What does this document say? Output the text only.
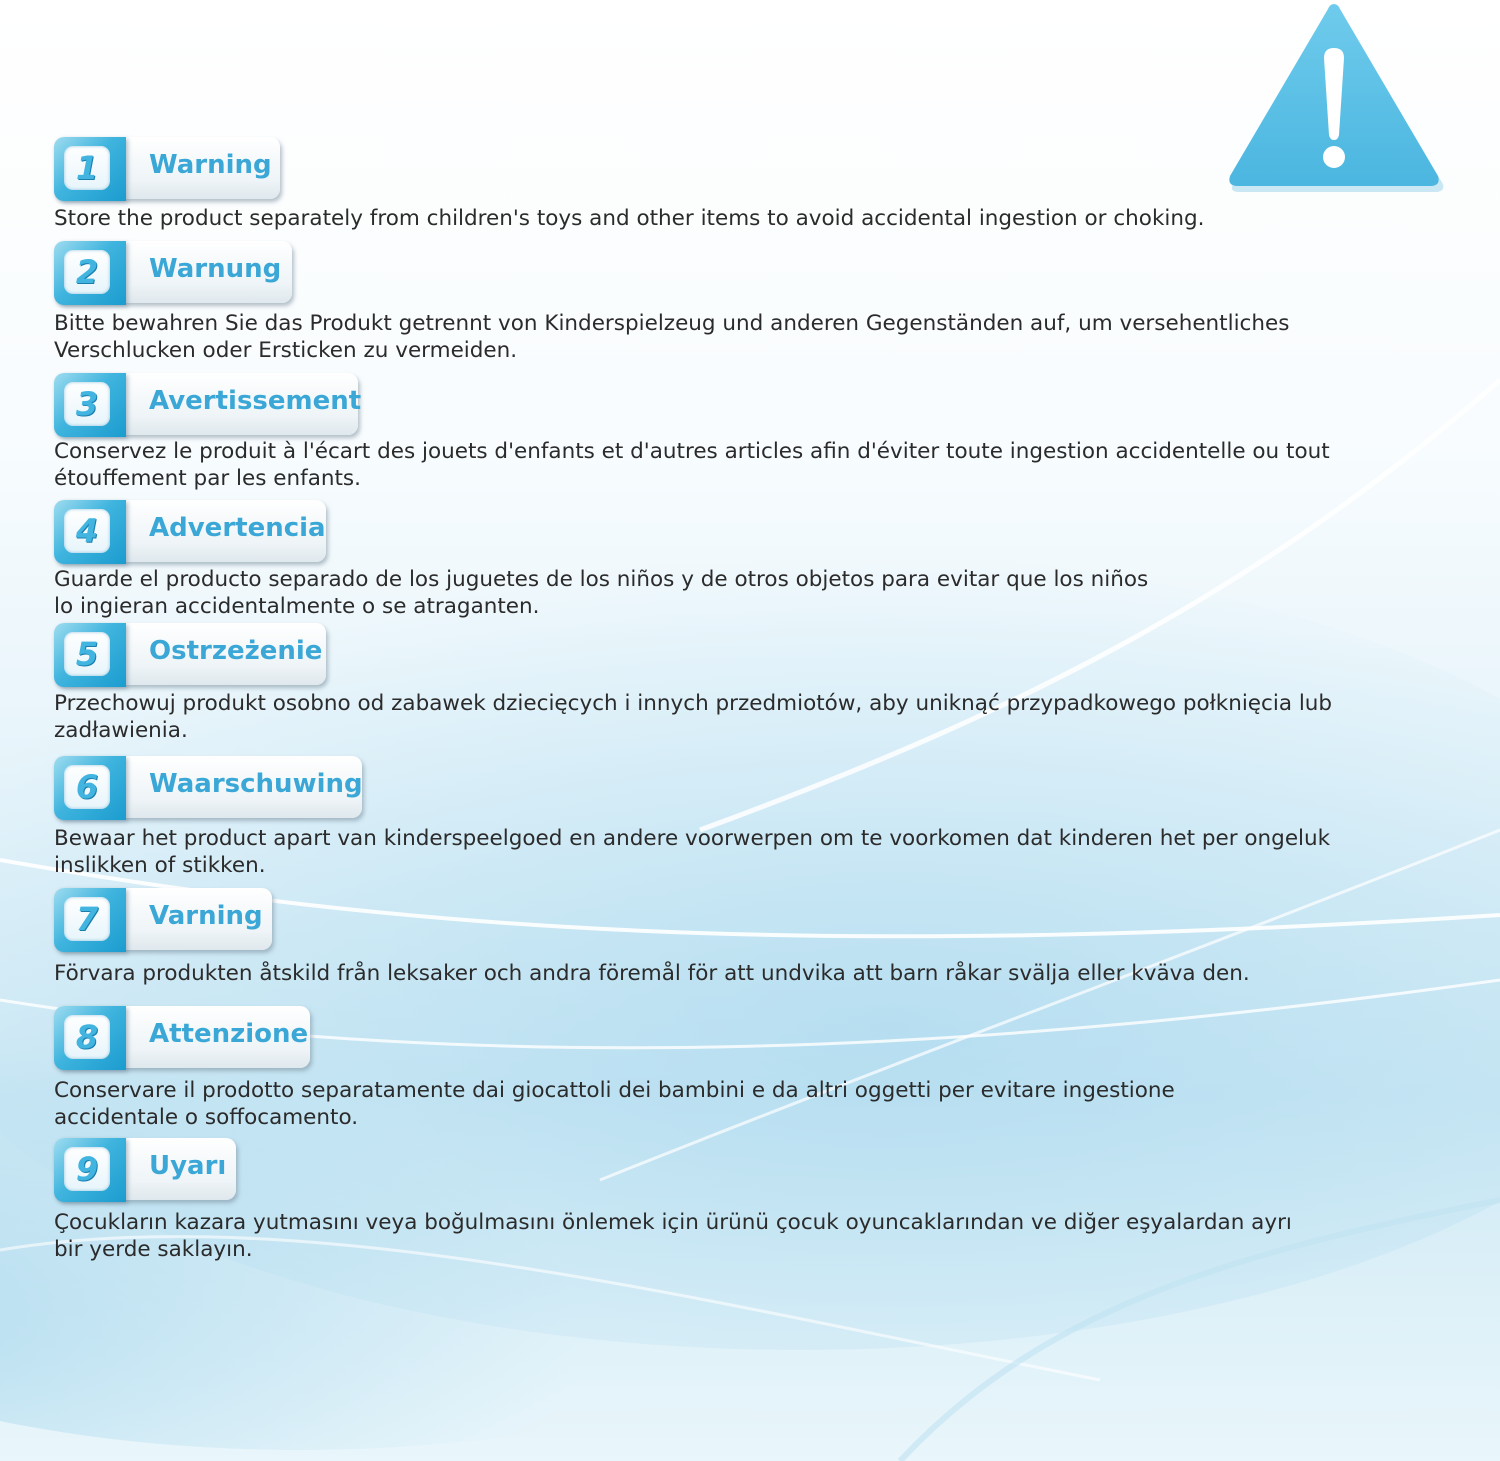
1	Warning
Store the product separately from children's toys and other items to avoid accidental ingestion or choking.
2	Warnung
Bitte bewahren Sie das Produkt getrennt von Kinderspielzeug und anderen Gegenständen auf, um versehentliches Verschlucken oder Ersticken zu vermeiden.
3	Avertissement
Conservez le produit à l'écart des jouets d'enfants et d'autres articles afin d'éviter toute ingestion accidentelle ou tout étouffement par les enfants.
4	Advertencia
Guarde el producto separado de los juguetes de los niños y de otros objetos para evitar que los niños lo ingieran accidentalmente o se atraganten.
5	Ostrzeżenie
Przechowuj produkt osobno od zabawek dziecięcych i innych przedmiotów, aby uniknąć przypadkowego połknięcia lub zadławienia.
6	Waarschuwing
Bewaar het product apart van kinderspeelgoed en andere voorwerpen om te voorkomen dat kinderen het per ongeluk inslikken of stikken.
7	Varning
Förvara produkten åtskild från leksaker och andra föremål för att undvika att barn råkar svälja eller kväva den.
8	Attenzione
Conservare il prodotto separatamente dai giocattoli dei bambini e da altri oggetti per evitare ingestione accidentale o soffocamento.
9	Uyarı
Çocukların kazara yutmasını veya boğulmasını önlemek için ürünü çocuk oyuncaklarından ve diğer eşyalardan ayrı bir yerde saklayın.
